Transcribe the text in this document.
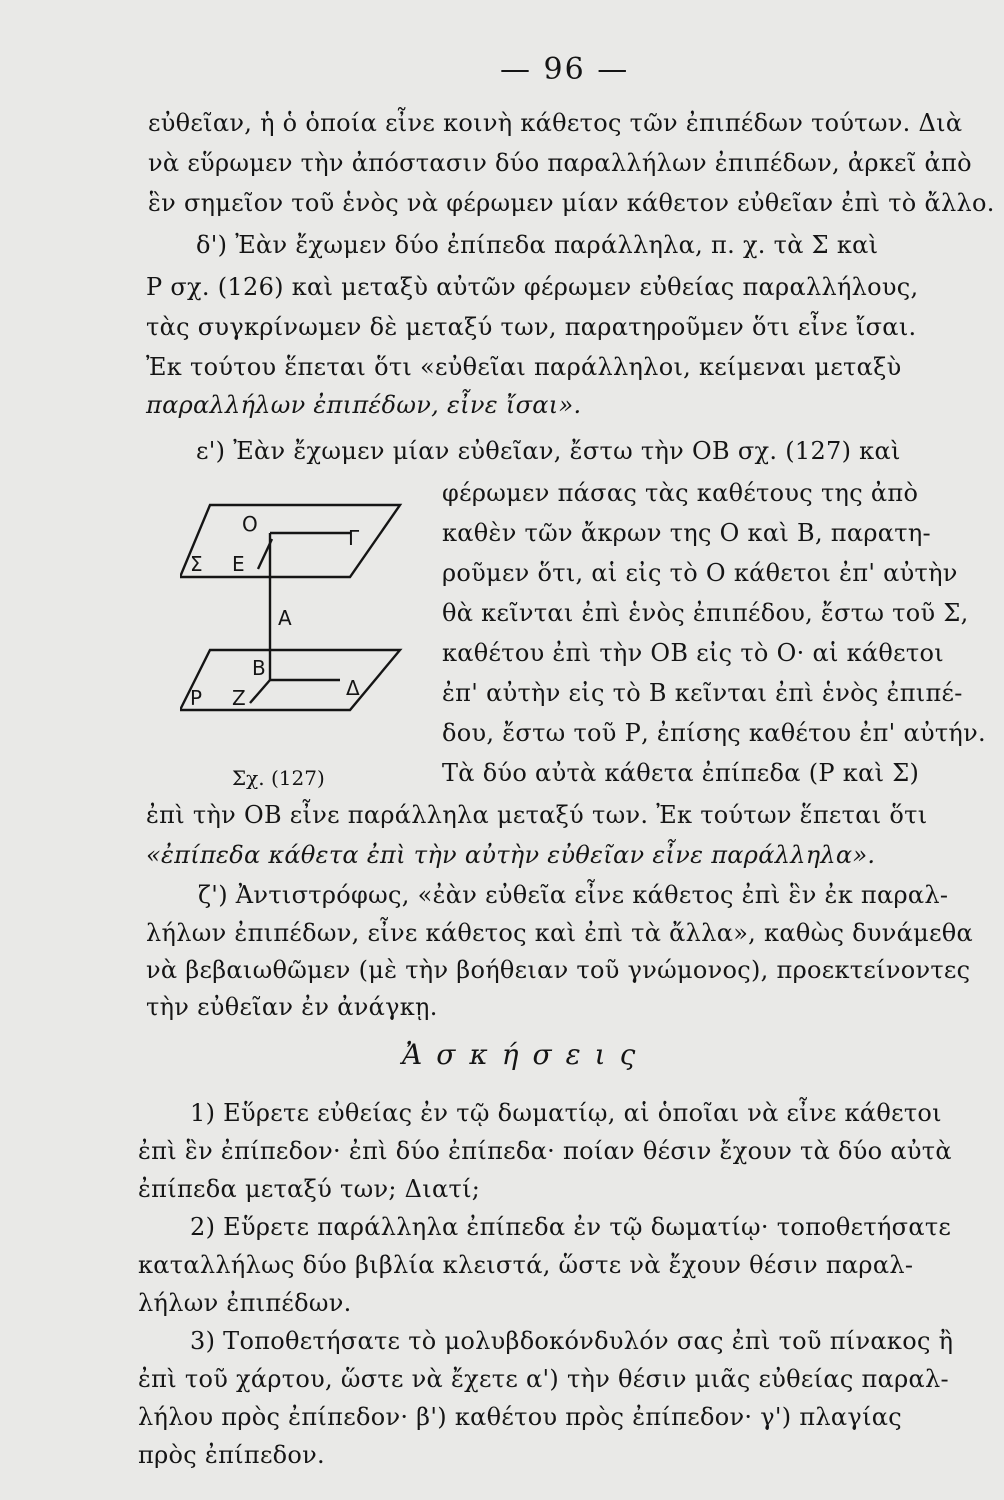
— 96 —
εὐθεῖαν, ἡ ὁ ὁποία εἶνε κοινὴ κάθετος τῶν ἐπιπέδων τούτων. Διὰ
νὰ εὕρωμεν τὴν ἀπόστασιν δύο παραλλήλων ἐπιπέδων, ἀρκεῖ ἀπὸ
ἓν σημεῖον τοῦ ἑνὸς νὰ φέρωμεν μίαν κάθετον εὐθεῖαν ἐπὶ τὸ ἄλλο.
δ') Ἐὰν ἔχωμεν δύο ἐπίπεδα παράλληλα, π. χ. τὰ Σ καὶ
Ρ σχ. (126) καὶ μεταξὺ αὐτῶν φέρωμεν εὐθείας παραλλήλους,
τὰς συγκρίνωμεν δὲ μεταξύ των, παρατηροῦμεν ὅτι εἶνε ἴσαι.
Ἐκ τούτου ἕπεται ὅτι «εὐθεῖαι παράλληλοι, κείμεναι μεταξὺ
παραλλήλων ἐπιπέδων, εἶνε ἴσαι».
ε') Ἐὰν ἔχωμεν μίαν εὐθεῖαν, ἔστω τὴν ΟΒ σχ. (127) καὶ
Ο
Γ
Σ Ε
Α
Β
Δ
Ρ Ζ
Σχ. (127)
φέρωμεν πάσας τὰς καθέτους της ἀπὸ
καθὲν τῶν ἄκρων της Ο καὶ Β, παρατη-
ροῦμεν ὅτι, αἱ εἰς τὸ Ο κάθετοι ἐπ' αὐτὴν
θὰ κεῖνται ἐπὶ ἑνὸς ἐπιπέδου, ἔστω τοῦ Σ,
καθέτου ἐπὶ τὴν ΟΒ εἰς τὸ Ο· αἱ κάθετοι
ἐπ' αὐτὴν εἰς τὸ Β κεῖνται ἐπὶ ἑνὸς ἐπιπέ-
δου, ἔστω τοῦ Ρ, ἐπίσης καθέτου ἐπ' αὐτήν.
Τὰ δύο αὐτὰ κάθετα ἐπίπεδα (Ρ καὶ Σ)
ἐπὶ τὴν ΟΒ εἶνε παράλληλα μεταξύ των. Ἐκ τούτων ἕπεται ὅτι
«ἐπίπεδα κάθετα ἐπὶ τὴν αὐτὴν εὐθεῖαν εἶνε παράλληλα».
ζ') Ἀντιστρόφως, «ἐὰν εὐθεῖα εἶνε κάθετος ἐπὶ ἓν ἐκ παραλ-
λήλων ἐπιπέδων, εἶνε κάθετος καὶ ἐπὶ τὰ ἄλλα», καθὼς δυνάμεθα
νὰ βεβαιωθῶμεν (μὲ τὴν βοήθειαν τοῦ γνώμονος), προεκτείνοντες
τὴν εὐθεῖαν ἐν ἀνάγκῃ.
Ἀσκήσεις
1) Εὕρετε εὐθείας ἐν τῷ δωματίῳ, αἱ ὁποῖαι νὰ εἶνε κάθετοι
ἐπὶ ἓν ἐπίπεδον· ἐπὶ δύο ἐπίπεδα· ποίαν θέσιν ἔχουν τὰ δύο αὐτὰ
ἐπίπεδα μεταξύ των; Διατί;
2) Εὕρετε παράλληλα ἐπίπεδα ἐν τῷ δωματίῳ· τοποθετήσατε
καταλλήλως δύο βιβλία κλειστά, ὥστε νὰ ἔχουν θέσιν παραλ-
λήλων ἐπιπέδων.
3) Τοποθετήσατε τὸ μολυβδοκόνδυλόν σας ἐπὶ τοῦ πίνακος ἢ
ἐπὶ τοῦ χάρτου, ὥστε νὰ ἔχετε α') τὴν θέσιν μιᾶς εὐθείας παραλ-
λήλου πρὸς ἐπίπεδον· β') καθέτου πρὸς ἐπίπεδον· γ') πλαγίας
πρὸς ἐπίπεδον.
